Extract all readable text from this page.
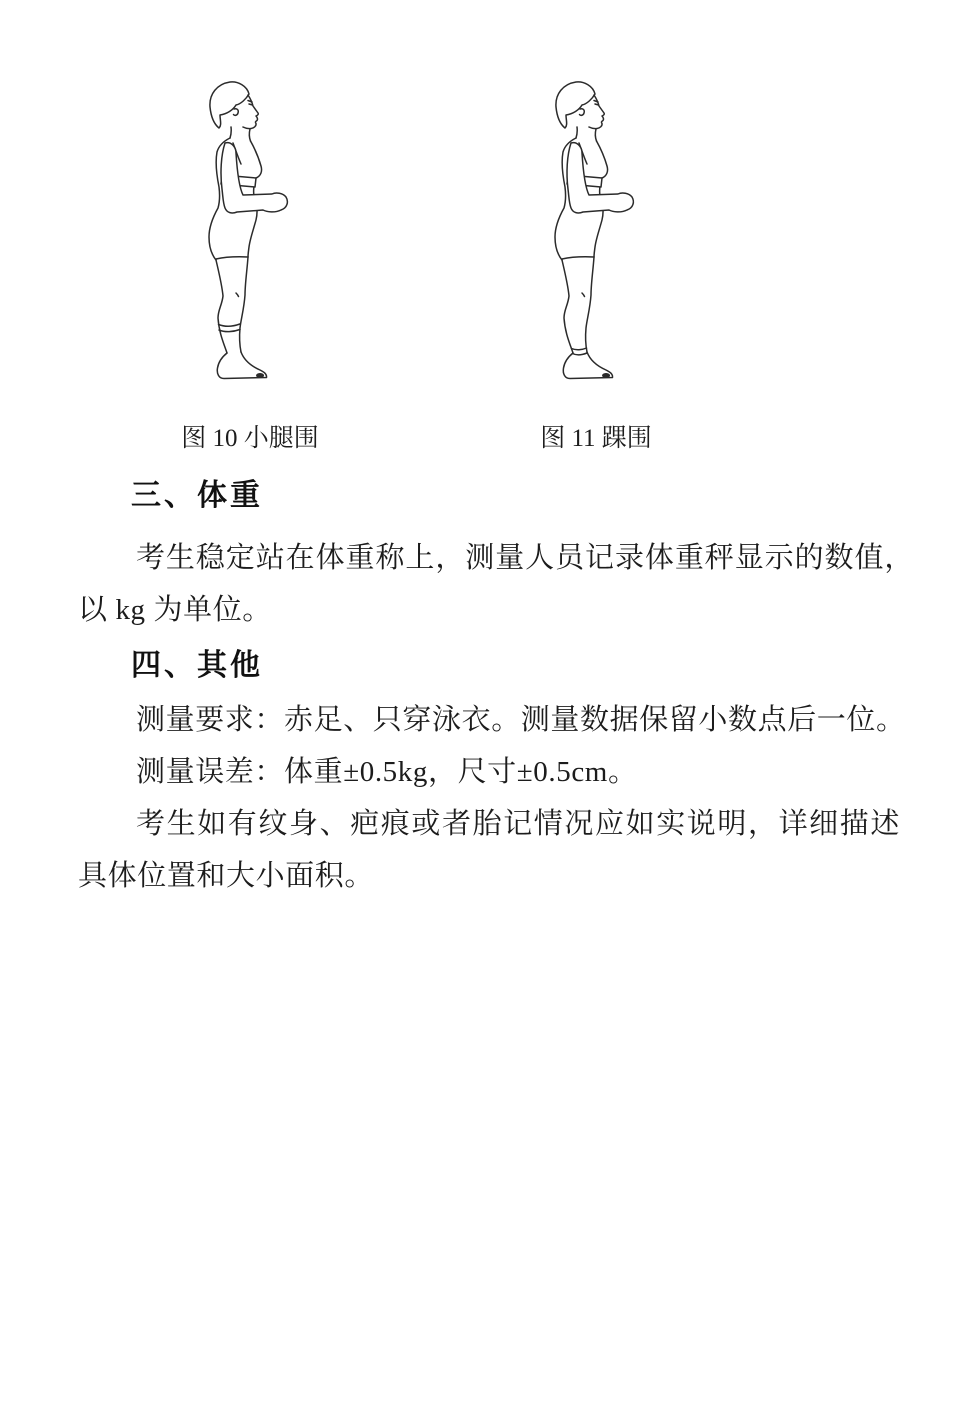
图 10 小腿围	图 11 踝围
三、体重

考生稳定站在体重称上，测量人员记录体重秤显示的数值，以 kg 为单位。

四、其他

测量要求：赤足、只穿泳衣。测量数据保留小数点后一位。

测量误差：体重±0.5kg，尺寸±0.5cm。

考生如有纹身、疤痕或者胎记情况应如实说明，详细描述具体位置和大小面积。
